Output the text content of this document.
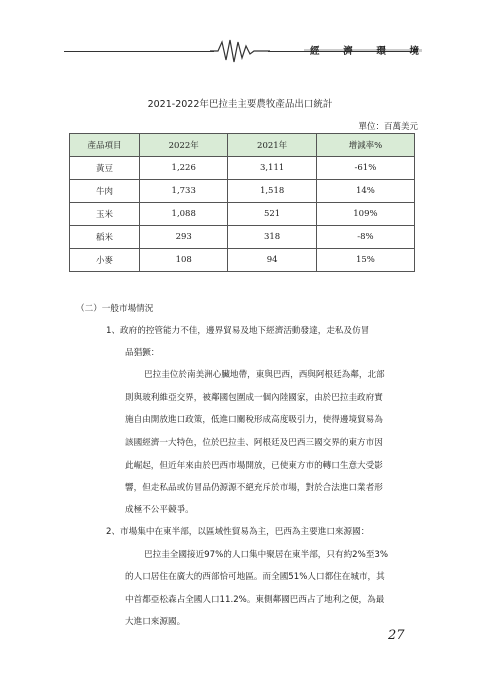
經 濟 環 境
2021-2022年巴拉圭主要農牧產品出口統計
單位：百萬美元
產品項目	2022年	2021年	增減率%
黃豆	1,226	3,111	-61%
牛肉	1,733	1,518	14%
玉米	1,088	521	109%
稻米	293	318	-8%
小麥	108	94	15%
（二）一般市場情況
1、政府的控管能力不佳，邊界貿易及地下經濟活動發達，走私及仿冒
品猖獗：
巴拉圭位於南美洲心臟地帶，東與巴西，西與阿根廷為鄰，北部
則與玻利維亞交界，被鄰國包圍成一個內陸國家，由於巴拉圭政府實
施自由開放進口政策，低進口關稅形成高度吸引力，使得邊境貿易為
該國經濟一大特色，位於巴拉圭、阿根廷及巴西三國交界的東方市因
此崛起，但近年來由於巴西市場開放，已使東方市的轉口生意大受影
響，但走私品或仿冒品仍源源不絕充斥於市場，對於合法進口業者形
成極不公平競爭。
2、市場集中在東半部，以區域性貿易為主，巴西為主要進口來源國：
巴拉圭全國接近97%的人口集中聚居在東半部，只有約2%至3%
的人口居住在廣大的西部恰可地區。而全國51%人口都住在城市，其
中首都亞松森占全國人口11.2%。東側鄰國巴西占了地利之便，為最
大進口來源國。
27
